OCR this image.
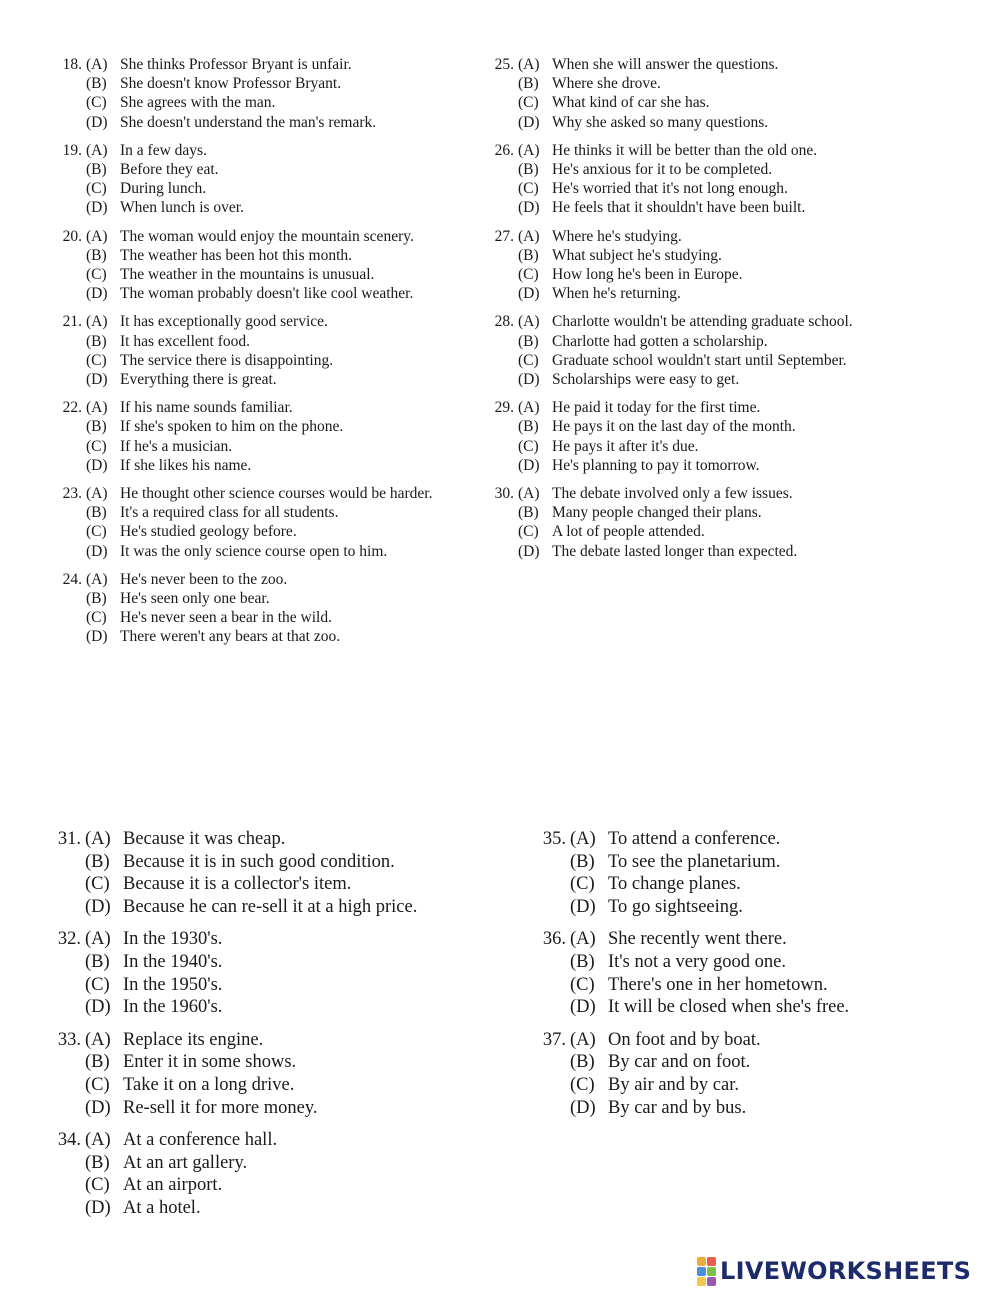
18. (A) She thinks Professor Bryant is unfair.
(B) She doesn't know Professor Bryant.
(C) She agrees with the man.
(D) She doesn't understand the man's remark.
19. (A) In a few days.
(B) Before they eat.
(C) During lunch.
(D) When lunch is over.
20. (A) The woman would enjoy the mountain scenery.
(B) The weather has been hot this month.
(C) The weather in the mountains is unusual.
(D) The woman probably doesn't like cool weather.
21. (A) It has exceptionally good service.
(B) It has excellent food.
(C) The service there is disappointing.
(D) Everything there is great.
22. (A) If his name sounds familiar.
(B) If she's spoken to him on the phone.
(C) If he's a musician.
(D) If she likes his name.
23. (A) He thought other science courses would be harder.
(B) It's a required class for all students.
(C) He's studied geology before.
(D) It was the only science course open to him.
24. (A) He's never been to the zoo.
(B) He's seen only one bear.
(C) He's never seen a bear in the wild.
(D) There weren't any bears at that zoo.
25. (A) When she will answer the questions.
(B) Where she drove.
(C) What kind of car she has.
(D) Why she asked so many questions.
26. (A) He thinks it will be better than the old one.
(B) He's anxious for it to be completed.
(C) He's worried that it's not long enough.
(D) He feels that it shouldn't have been built.
27. (A) Where he's studying.
(B) What subject he's studying.
(C) How long he's been in Europe.
(D) When he's returning.
28. (A) Charlotte wouldn't be attending graduate school.
(B) Charlotte had gotten a scholarship.
(C) Graduate school wouldn't start until September.
(D) Scholarships were easy to get.
29. (A) He paid it today for the first time.
(B) He pays it on the last day of the month.
(C) He pays it after it's due.
(D) He's planning to pay it tomorrow.
30. (A) The debate involved only a few issues.
(B) Many people changed their plans.
(C) A lot of people attended.
(D) The debate lasted longer than expected.
31. (A) Because it was cheap.
(B) Because it is in such good condition.
(C) Because it is a collector's item.
(D) Because he can re-sell it at a high price.
32. (A) In the 1930's.
(B) In the 1940's.
(C) In the 1950's.
(D) In the 1960's.
33. (A) Replace its engine.
(B) Enter it in some shows.
(C) Take it on a long drive.
(D) Re-sell it for more money.
34. (A) At a conference hall.
(B) At an art gallery.
(C) At an airport.
(D) At a hotel.
35. (A) To attend a conference.
(B) To see the planetarium.
(C) To change planes.
(D) To go sightseeing.
36. (A) She recently went there.
(B) It's not a very good one.
(C) There's one in her hometown.
(D) It will be closed when she's free.
37. (A) On foot and by boat.
(B) By car and on foot.
(C) By air and by car.
(D) By car and by bus.
LIVEWORKSHEETS
